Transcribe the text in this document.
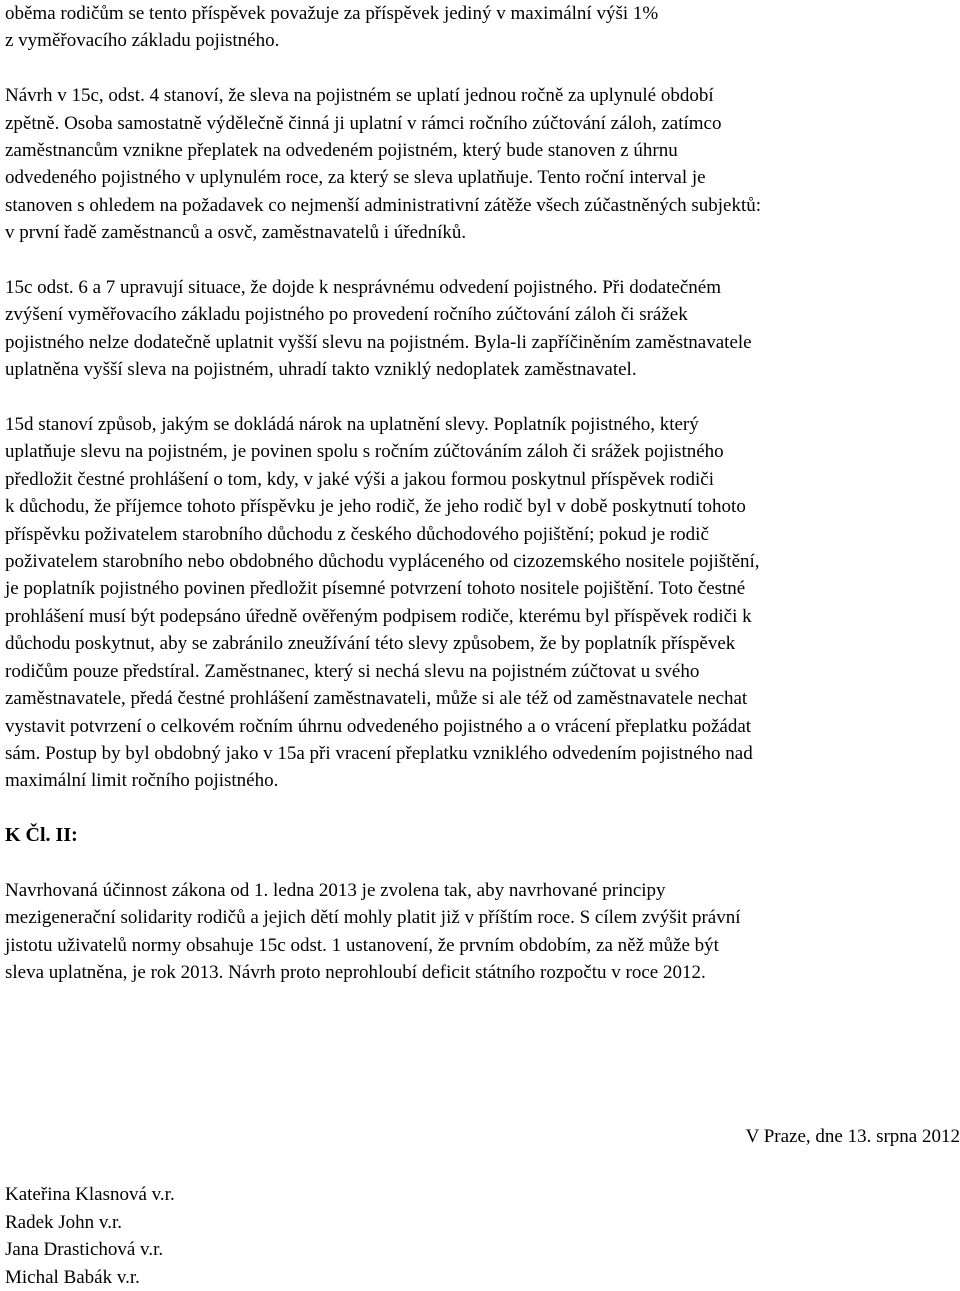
oběma rodičům se tento příspěvek považuje za příspěvek jediný v maximální výši 1%
z vyměřovacího základu pojistného.
Návrh v 15c, odst. 4 stanoví, že sleva na pojistném se uplatí jednou ročně za uplynulé období
zpětně. Osoba samostatně výdělečně činná ji uplatní v rámci ročního zúčtování záloh, zatímco
zaměstnancům vznikne přeplatek na odvedeném pojistném, který bude stanoven z úhrnu
odvedeného pojistného v uplynulém roce, za který se sleva uplatňuje. Tento roční interval je
stanoven s ohledem na požadavek co nejmenší administrativní zátěže všech zúčastněných subjektů:
v první řadě zaměstnanců a osvč, zaměstnavatelů i úředníků.
15c odst. 6 a 7 upravují situace, že dojde k nesprávnému odvedení pojistného. Při dodatečném
zvýšení vyměřovacího základu pojistného po provedení ročního zúčtování záloh či srážek
pojistného nelze dodatečně uplatnit vyšší slevu na pojistném. Byla-li zapříčiněním zaměstnavatele
uplatněna vyšší sleva na pojistném, uhradí takto vzniklý nedoplatek zaměstnavatel.
15d stanoví způsob, jakým se dokládá nárok na uplatnění slevy. Poplatník pojistného, který
uplatňuje slevu na pojistném, je povinen spolu s ročním zúčtováním záloh či srážek pojistného
předložit čestné prohlášení o tom, kdy, v jaké výši a jakou formou poskytnul příspěvek rodiči
k důchodu, že příjemce tohoto příspěvku je jeho rodič, že jeho rodič byl v době poskytnutí tohoto
příspěvku poživatelem starobního důchodu z českého důchodového pojištění; pokud je rodič
poživatelem starobního nebo obdobného důchodu vypláceného od cizozemského nositele pojištění,
je poplatník pojistného povinen předložit písemné potvrzení tohoto nositele pojištění. Toto čestné
prohlášení musí být podepsáno úředně ověřeným podpisem rodiče, kterému byl příspěvek rodiči k
důchodu poskytnut, aby se zabránilo zneužívání této slevy způsobem, že by poplatník příspěvek
rodičům pouze předstíral. Zaměstnanec, který si nechá slevu na pojistném zúčtovat u svého
zaměstnavatele, předá čestné prohlášení zaměstnavateli, může si ale též od zaměstnavatele nechat
vystavit potvrzení o celkovém ročním úhrnu odvedeného pojistného a o vrácení přeplatku požádat
sám. Postup by byl obdobný jako v 15a při vracení přeplatku vzniklého odvedením pojistného nad
maximální limit ročního pojistného.
K Čl. II:
Navrhovaná účinnost zákona od 1. ledna 2013 je zvolena tak, aby navrhované principy
mezigenerační solidarity rodičů a jejich dětí mohly platit již v příštím roce. S cílem zvýšit právní
jistotu uživatelů normy obsahuje 15c odst. 1 ustanovení, že prvním obdobím, za něž může být
sleva uplatněna, je rok 2013. Návrh proto neprohloubí deficit státního rozpočtu v roce 2012.
V Praze, dne 13. srpna 2012
Kateřina Klasnová v.r.
Radek John v.r.
Jana Drastichová v.r.
Michal Babák v.r.
